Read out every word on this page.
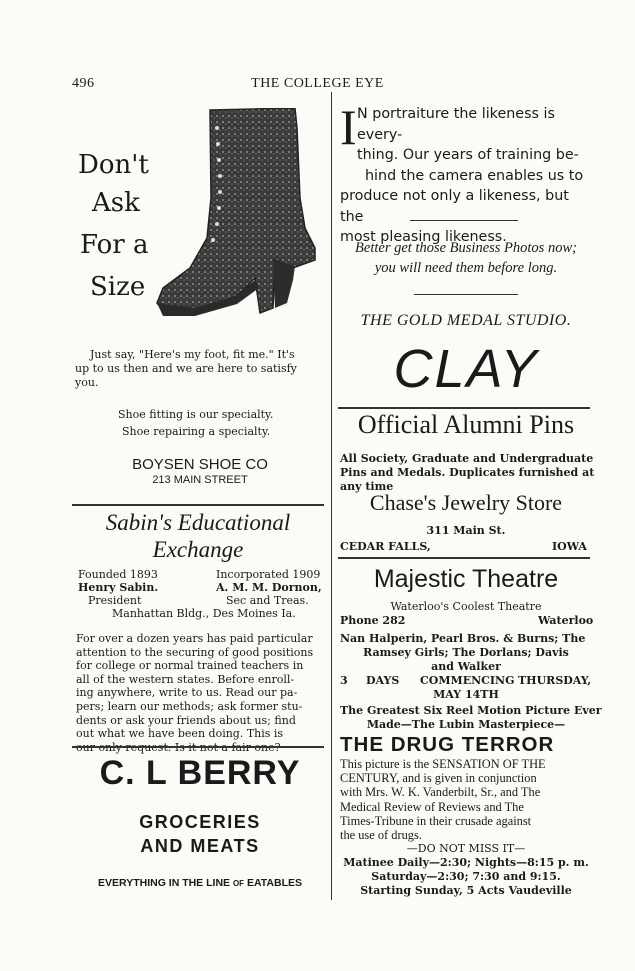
496	THE COLLEGE EYE
Don't
Ask
For a
Size
Just say, "Here's my foot, fit me." It's
up to us then and we are here to satisfy
you.
Shoe fitting is our specialty.
Shoe repairing a specialty.
BOYSEN SHOE CO
213 MAIN STREET
Sabin's Educational
Exchange
Founded 1893	Incorporated 1909
Henry Sabin.	A. M. M. Dornon,
President	Sec and Treas.
Manhattan Bldg., Des Moines Ia.
For over a dozen years has paid particular
attention to the securing of good positions
for college or normal trained teachers in
all of the western states. Before enroll-
ing anywhere, write to us. Read our pa-
pers; learn our methods; ask former stu-
dents or ask your friends about us; find
out what we have been doing. This is
C. L BERRY
GROCERIES
AND MEATS
EVERYTHING IN THE LINE OF EATABLES
I N portraiture the likeness is every-
thing. Our years of training be-
hind the camera enables us to
produce not only a likeness, but the
most pleasing likeness.
Better get those Business Photos now;
you will need them before long.
THE GOLD MEDAL STUDIO.
CLAY
Official Alumni Pins
All Society, Graduate and Undergraduate
Pins and Medals. Duplicates furnished at
any time
Chase's Jewelry Store
311 Main St.
CEDAR FALLS,	IOWA
Majestic Theatre
Waterloo's Coolest Theatre
Phone 282	Waterloo
Nan Halperin, Pearl Bros. & Burns; The
Ramsey Girls; The Dorlans; Davis
and Walker
3 DAYS COMMENCING THURSDAY,
MAY 14TH
The Greatest Six Reel Motion Picture Ever
Made—The Lubin Masterpiece—
THE DRUG TERROR
This picture is the SENSATION OF THE
CENTURY, and is given in conjunction
with Mrs. W. K. Vanderbilt, Sr., and The
Medical Review of Reviews and The
Times-Tribune in their crusade against
the use of drugs.
—DO NOT MISS IT—
Matinee Daily—2:30; Nights—8:15 p. m.
Saturday—2:30; 7:30 and 9:15.
Starting Sunday, 5 Acts Vaudeville
